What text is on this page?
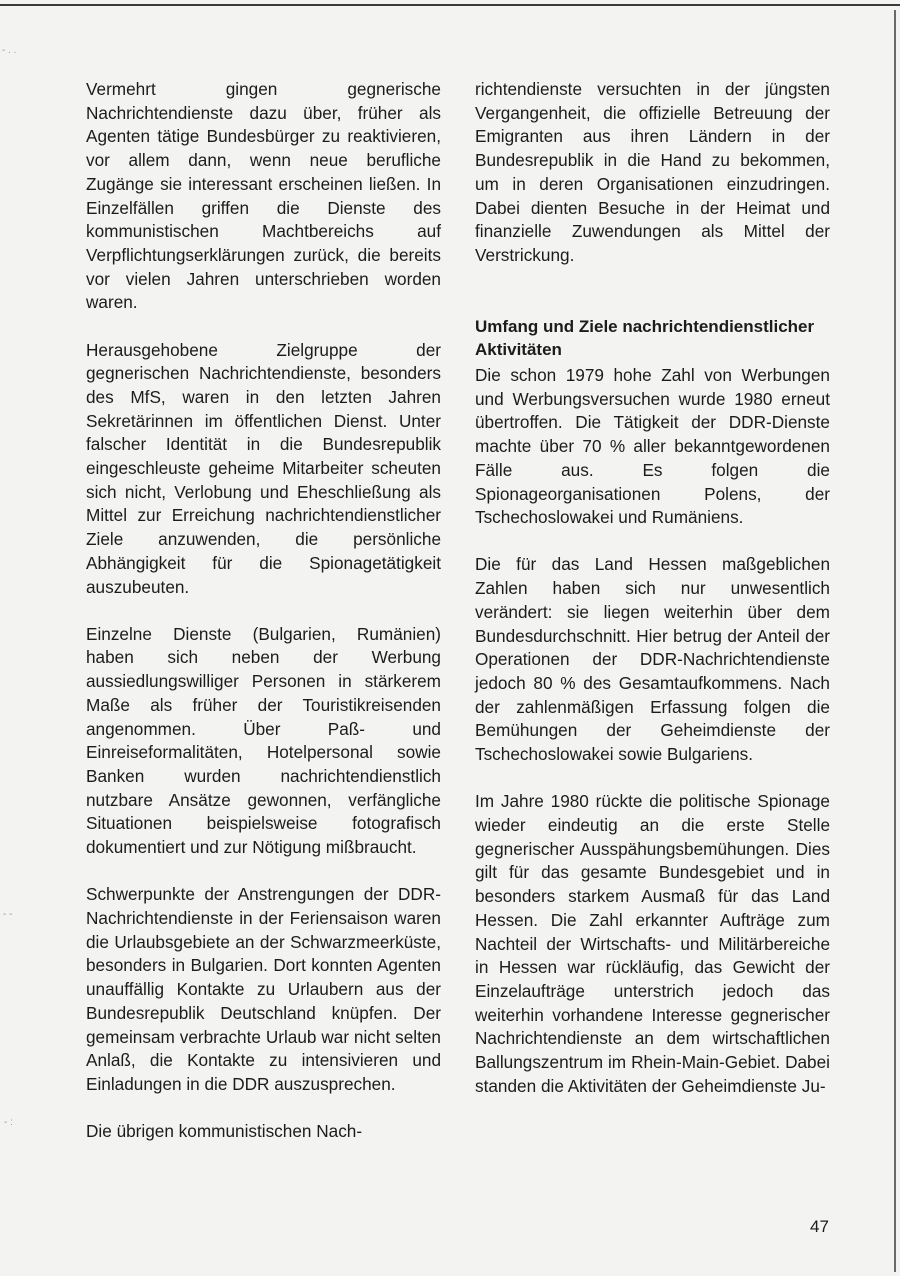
- . .
- -
- :

Vermehrt gingen gegnerische Nachrichtendienste dazu über, früher als Agenten tätige Bundesbürger zu reaktivieren, vor allem dann, wenn neue berufliche Zugänge sie interessant erscheinen ließen. In Einzelfällen griffen die Dienste des kommunistischen Machtbereichs auf Verpflichtungserklärungen zurück, die bereits vor vielen Jahren unterschrieben worden waren.

Herausgehobene Zielgruppe der gegnerischen Nachrichtendienste, besonders des MfS, waren in den letzten Jahren Sekretärinnen im öffentlichen Dienst. Unter falscher Identität in die Bundesrepublik eingeschleuste geheime Mitarbeiter scheuten sich nicht, Verlobung und Eheschließung als Mittel zur Erreichung nachrichtendienstlicher Ziele anzuwenden, die persönliche Abhängigkeit für die Spionagetätigkeit auszubeuten.

Einzelne Dienste (Bulgarien, Rumänien) haben sich neben der Werbung aussiedlungswilliger Personen in stärkerem Maße als früher der Touristikreisenden angenommen. Über Paß- und Einreiseformalitäten, Hotelpersonal sowie Banken wurden nachrichtendienstlich nutzbare Ansätze gewonnen, verfängliche Situationen beispielsweise fotografisch dokumentiert und zur Nötigung mißbraucht.

Schwerpunkte der Anstrengungen der DDR-Nachrichtendienste in der Feriensaison waren die Urlaubsgebiete an der Schwarzmeerküste, besonders in Bulgarien. Dort konnten Agenten unauffällig Kontakte zu Urlaubern aus der Bundesrepublik Deutschland knüpfen. Der gemeinsam verbrachte Urlaub war nicht selten Anlaß, die Kontakte zu intensivieren und Einladungen in die DDR auszusprechen.

Die übrigen kommunistischen Nach-

richtendienste versuchten in der jüngsten Vergangenheit, die offizielle Betreuung der Emigranten aus ihren Ländern in der Bundesrepublik in die Hand zu bekommen, um in deren Organisationen einzudringen. Dabei dienten Besuche in der Heimat und finanzielle Zuwendungen als Mittel der Verstrickung.

Umfang und Ziele nachrichtendienstlicher Aktivitäten

Die schon 1979 hohe Zahl von Werbungen und Werbungsversuchen wurde 1980 erneut übertroffen. Die Tätigkeit der DDR-Dienste machte über 70 % aller bekanntgewordenen Fälle aus. Es folgen die Spionageorganisationen Polens, der Tschechoslowakei und Rumäniens.

Die für das Land Hessen maßgeblichen Zahlen haben sich nur unwesentlich verändert: sie liegen weiterhin über dem Bundesdurchschnitt. Hier betrug der Anteil der Operationen der DDR-Nachrichtendienste jedoch 80 % des Gesamtaufkommens. Nach der zahlenmäßigen Erfassung folgen die Bemühungen der Geheimdienste der Tschechoslowakei sowie Bulgariens.

Im Jahre 1980 rückte die politische Spionage wieder eindeutig an die erste Stelle gegnerischer Ausspähungsbemühungen. Dies gilt für das gesamte Bundesgebiet und in besonders starkem Ausmaß für das Land Hessen. Die Zahl erkannter Aufträge zum Nachteil der Wirtschafts- und Militärbereiche in Hessen war rückläufig, das Gewicht der Einzelaufträge unterstrich jedoch das weiterhin vorhandene Interesse gegnerischer Nachrichtendienste an dem wirtschaftlichen Ballungszentrum im Rhein-Main-Gebiet. Dabei standen die Aktivitäten der Geheimdienste Ju-

47
